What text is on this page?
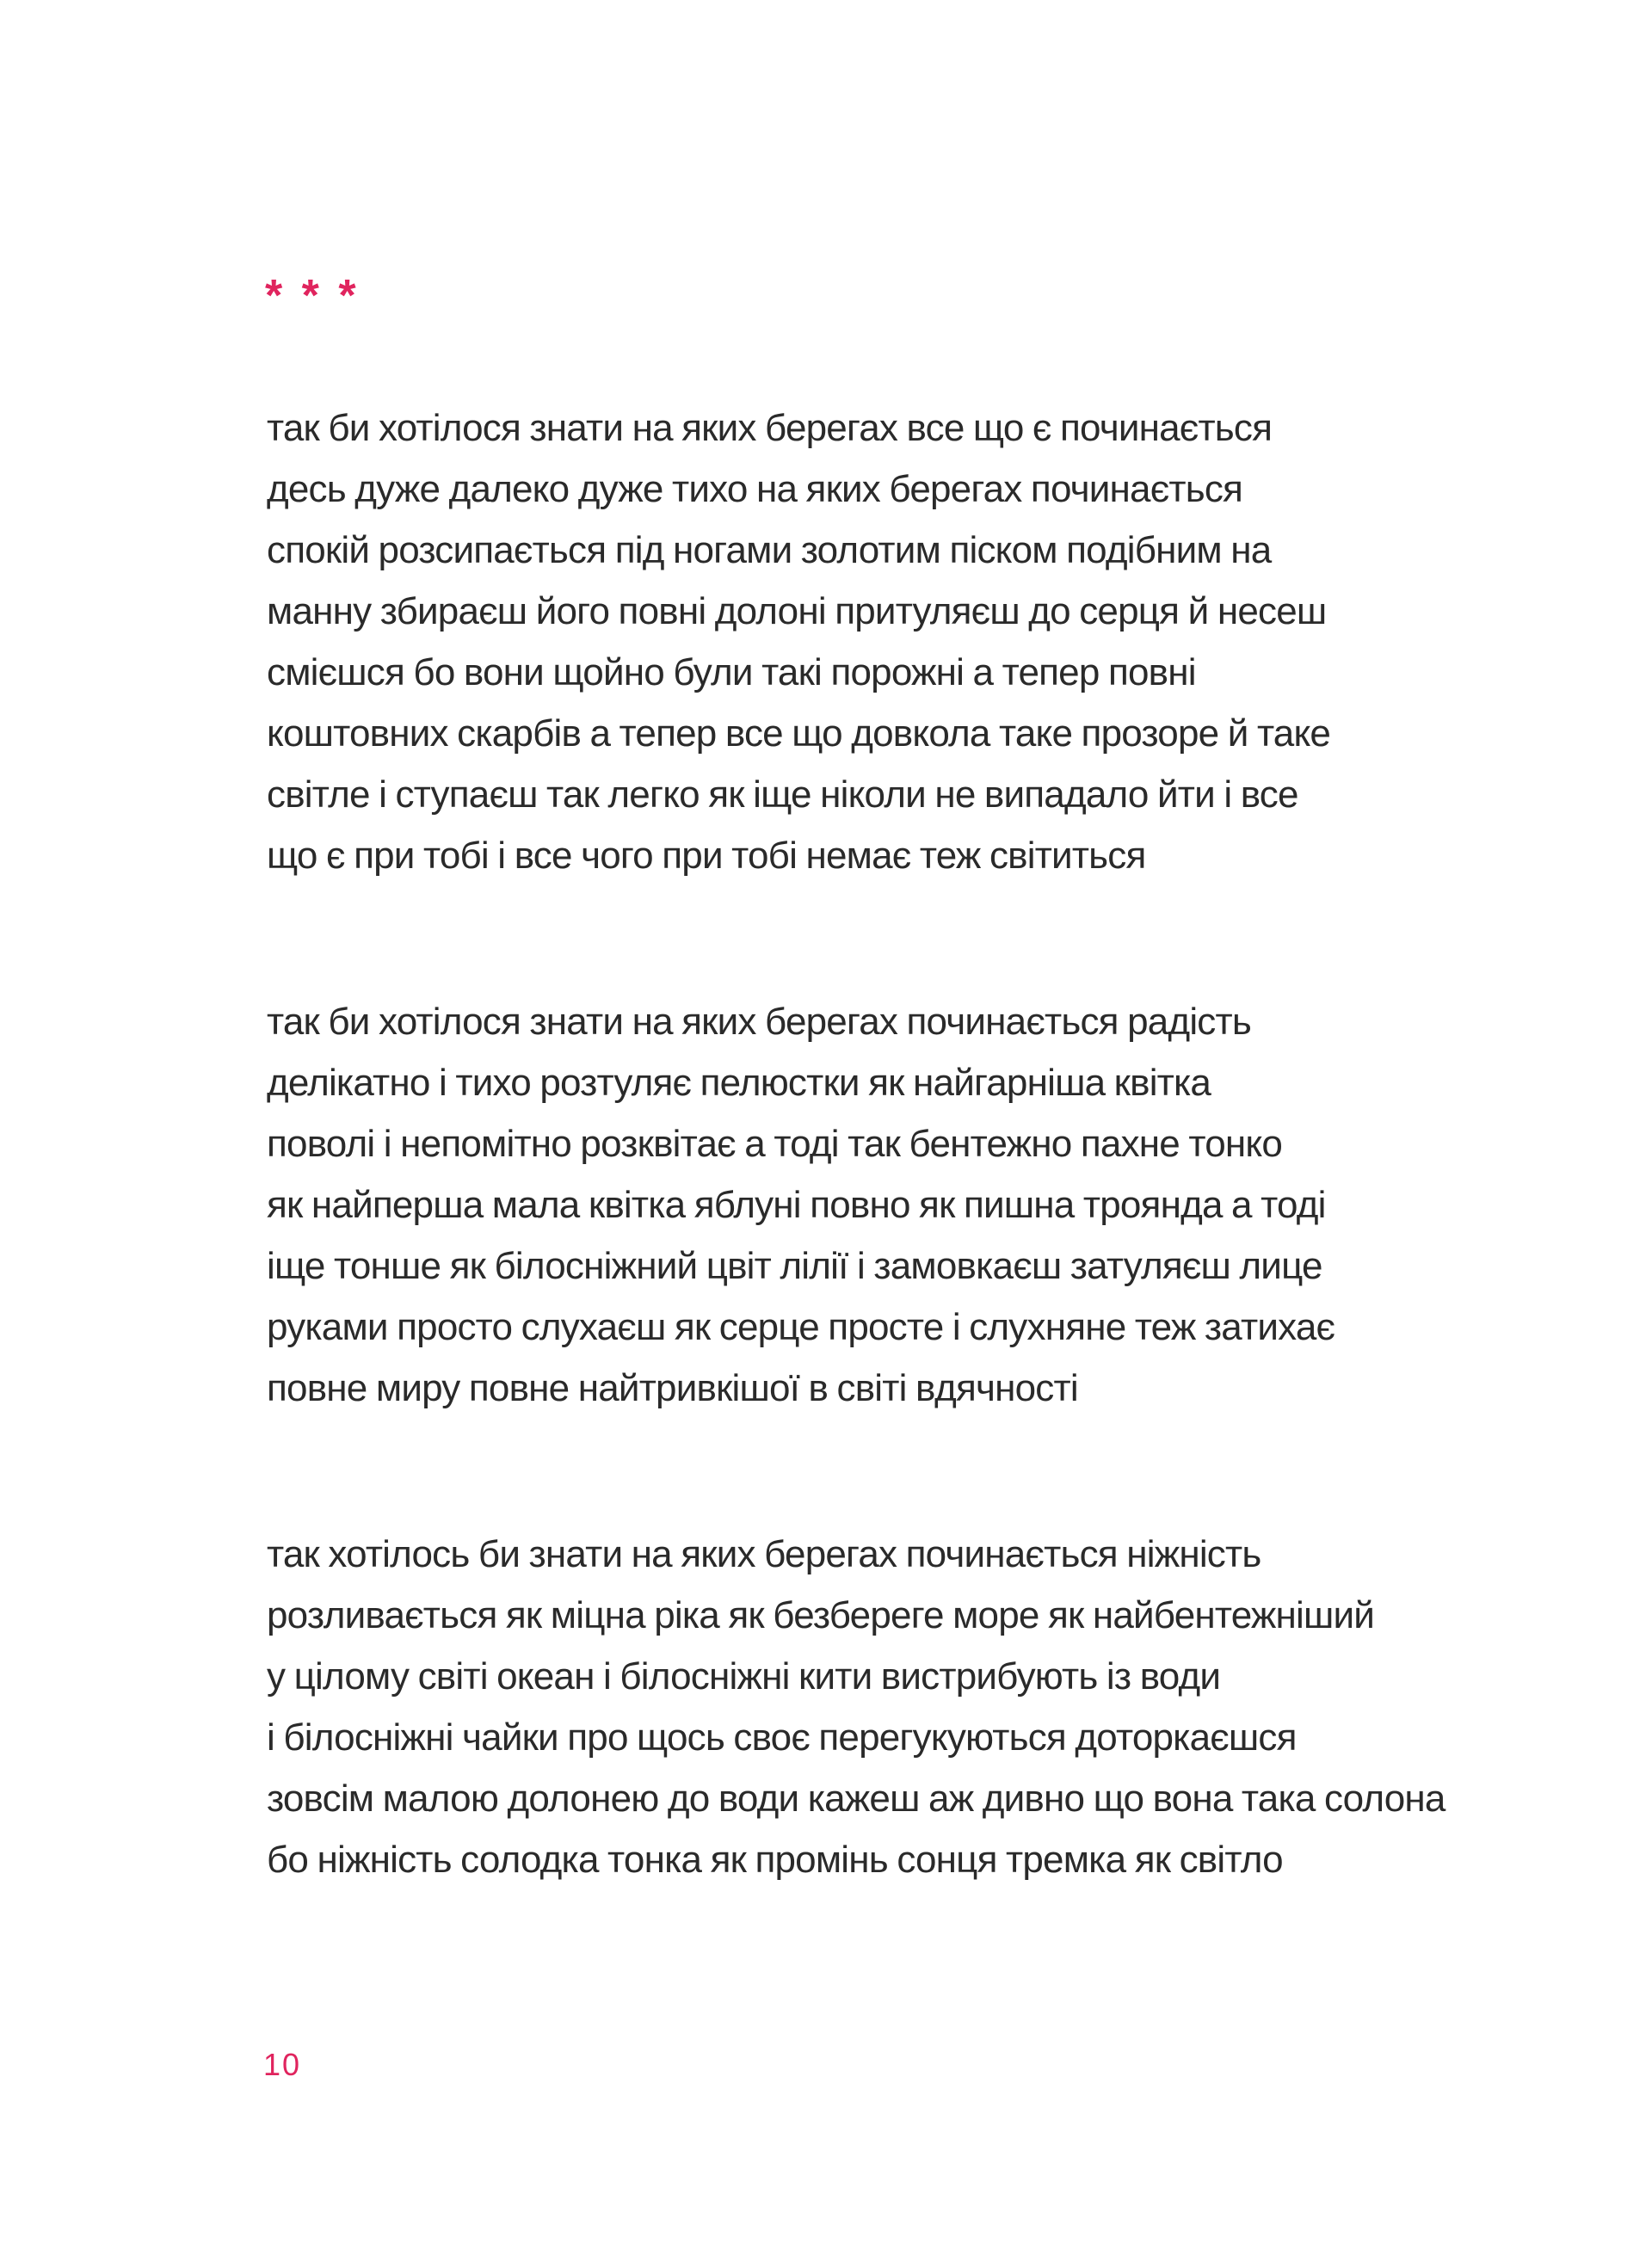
* * *
так би хотілося знати на яких берегах все що є починається
десь дуже далеко дуже тихо на яких берегах починається
спокій розсипається під ногами золотим піском подібним на
манну збираєш його повні долоні притуляєш до серця й несеш
смієшся бо вони щойно були такі порожні а тепер повні
коштовних скарбів а тепер все що довкола таке прозоре й таке
світле і ступаєш так легко як іще ніколи не випадало йти і все
що є при тобі і все чого при тобі немає теж світиться
так би хотілося знати на яких берегах починається радість
делікатно і тихо розтуляє пелюстки як найгарніша квітка
поволі і непомітно розквітає а тоді так бентежно пахне тонко
як найперша мала квітка яблуні повно як пишна троянда а тоді
іще тонше як білосніжний цвіт лілії і замовкаєш затуляєш лице
руками просто слухаєш як серце просте і слухняне теж затихає
повне миру повне найтривкішої в світі вдячності
так хотілось би знати на яких берегах починається ніжність
розливається як міцна ріка як безбереге море як найбентежніший
у цілому світі океан і білосніжні кити вистрибують із води
і білосніжні чайки про щось своє перегукуються доторкаєшся
зовсім малою долонею до води кажеш аж дивно що вона така солона
бо ніжність солодка тонка як промінь сонця тремка як світло
10
